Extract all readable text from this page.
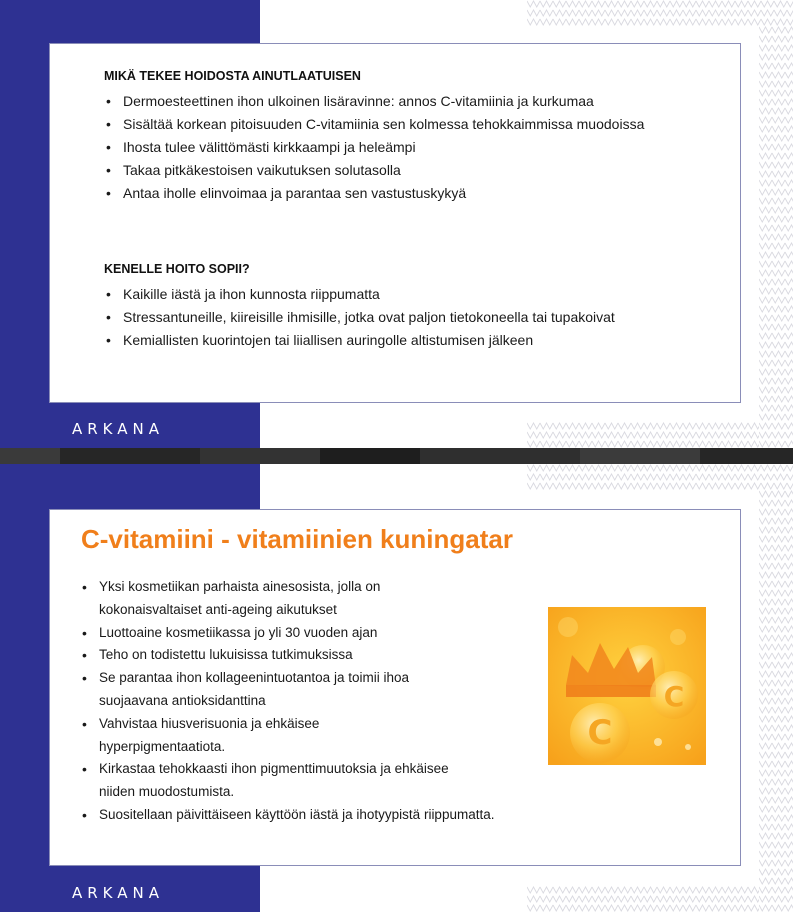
MIKÄ TEKEE HOIDOSTA AINUTLAATUISEN
• Dermoesteettinen ihon ulkoinen lisäravinne: annos C-vitamiinia ja kurkumaa
• Sisältää korkean pitoisuuden C-vitamiinia sen kolmessa tehokkaimmissa muodoissa
• Ihosta tulee välittömästi kirkkaampi ja heleämpi
• Takaa pitkäkestoisen vaikutuksen solutasolla
• Antaa iholle elinvoimaa ja parantaa sen vastustuskykyä
KENELLE HOITO SOPII?
• Kaikille iästä ja ihon kunnosta riippumatta
• Stressantuneille, kiireisille ihmisille, jotka ovat paljon tietokoneella tai tupakoivat
• Kemiallisten kuorintojen tai liiallisen auringolle altistumisen jälkeen
ARKANA
C-vitamiini - vitamiinien kuningatar
• Yksi kosmetiikan parhaista ainesosista, jolla on kokonaisvaltaiset anti-ageing aikutukset
• Luottoaine kosmetiikassa jo yli 30 vuoden ajan
• Teho on todistettu lukuisissa tutkimuksissa
• Se parantaa ihon kollageenintuotantoa ja toimii ihoa suojaavana antioksidanttina
• Vahvistaa hiusverisuonia ja ehkäisee hyperpigmentaatiota.
• Kirkastaa tehokkaasti ihon pigmenttimuutoksia ja ehkäisee niiden muodostumista.
• Suositellaan päivittäiseen käyttöön iästä ja ihotyypistä riippumatta.
C
C
ARKANA
